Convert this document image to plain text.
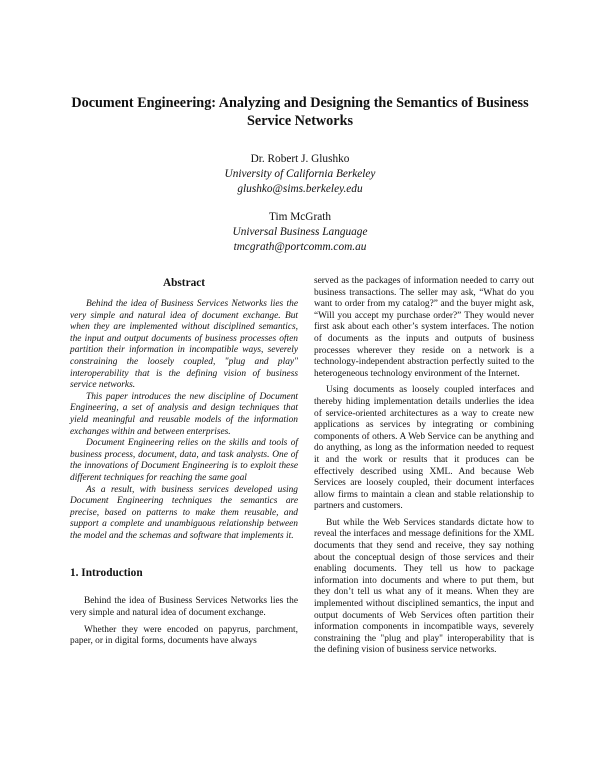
Document Engineering: Analyzing and Designing the Semantics of Business Service Networks
Dr. Robert J. Glushko
University of California Berkeley
glushko@sims.berkeley.edu
Tim McGrath
Universal Business Language
tmcgrath@portcomm.com.au
Abstract

Behind the idea of Business Services Networks lies the very simple and natural idea of document exchange. But when they are implemented without disciplined semantics, the input and output documents of business processes often partition their information in incompatible ways, severely constraining the loosely coupled, "plug and play" interoperability that is the defining vision of business service networks.

This paper introduces the new discipline of Document Engineering, a set of analysis and design techniques that yield meaningful and reusable models of the information exchanges within and between enterprises.

Document Engineering relies on the skills and tools of business process, document, data, and task analysts. One of the innovations of Document Engineering is to exploit these different techniques for reaching the same goal

As a result, with business services developed using Document Engineering techniques the semantics are precise, based on patterns to make them reusable, and support a complete and unambiguous relationship between the model and the schemas and software that implements it.

1. Introduction

Behind the idea of Business Services Networks lies the very simple and natural idea of document exchange.

Whether they were encoded on papyrus, parchment, paper, or in digital forms, documents have always

served as the packages of information needed to carry out business transactions. The seller may ask, “What do you want to order from my catalog?” and the buyer might ask, “Will you accept my purchase order?” They would never first ask about each other’s system interfaces. The notion of documents as the inputs and outputs of business processes wherever they reside on a network is a technology-independent abstraction perfectly suited to the heterogeneous technology environment of the Internet.

Using documents as loosely coupled interfaces and thereby hiding implementation details underlies the idea of service-oriented architectures as a way to create new applications as services by integrating or combining components of others. A Web Service can be anything and do anything, as long as the information needed to request it and the work or results that it produces can be effectively described using XML. And because Web Services are loosely coupled, their document interfaces allow firms to maintain a clean and stable relationship to partners and customers.

But while the Web Services standards dictate how to reveal the interfaces and message definitions for the XML documents that they send and receive, they say nothing about the conceptual design of those services and their enabling documents. They tell us how to package information into documents and where to put them, but they don’t tell us what any of it means. When they are implemented without disciplined semantics, the input and output documents of Web Services often partition their information components in incompatible ways, severely constraining the "plug and play" interoperability that is the defining vision of business service networks.
